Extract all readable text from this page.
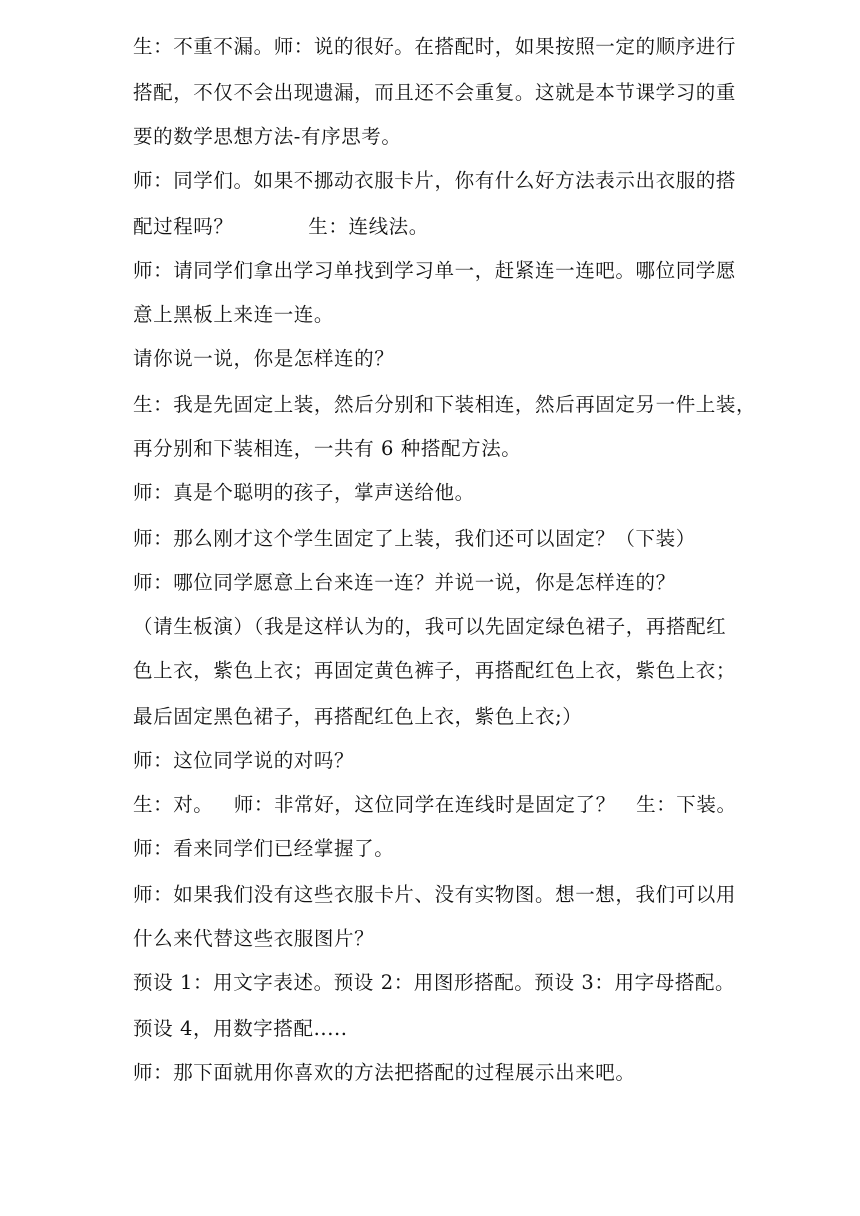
生：不重不漏。师：说的很好。在搭配时，如果按照一定的顺序进行
搭配，不仅不会出现遗漏，而且还不会重复。这就是本节课学习的重
要的数学思想方法-有序思考。
师：同学们。如果不挪动衣服卡片，你有什么好方法表示出衣服的搭
配过程吗？           生：连线法。
师：请同学们拿出学习单找到学习单一，赶紧连一连吧。哪位同学愿
意上黑板上来连一连。
请你说一说，你是怎样连的？
生：我是先固定上装，然后分别和下装相连，然后再固定另一件上装，
再分别和下装相连，一共有 6 种搭配方法。
师：真是个聪明的孩子，掌声送给他。
师：那么刚才这个学生固定了上装，我们还可以固定？（下装）
师：哪位同学愿意上台来连一连？并说一说，你是怎样连的？
（请生板演）（我是这样认为的，我可以先固定绿色裙子，再搭配红
色上衣，紫色上衣；再固定黄色裤子，再搭配红色上衣，紫色上衣；
最后固定黑色裙子，再搭配红色上衣，紫色上衣;）
师：这位同学说的对吗？
生：对。   师：非常好，这位同学在连线时是固定了？   生：下装。
师：看来同学们已经掌握了。
师：如果我们没有这些衣服卡片、没有实物图。想一想，我们可以用
什么来代替这些衣服图片？
预设 1：用文字表述。预设 2：用图形搭配。预设 3：用字母搭配。
预设 4，用数字搭配.....
师：那下面就用你喜欢的方法把搭配的过程展示出来吧。
